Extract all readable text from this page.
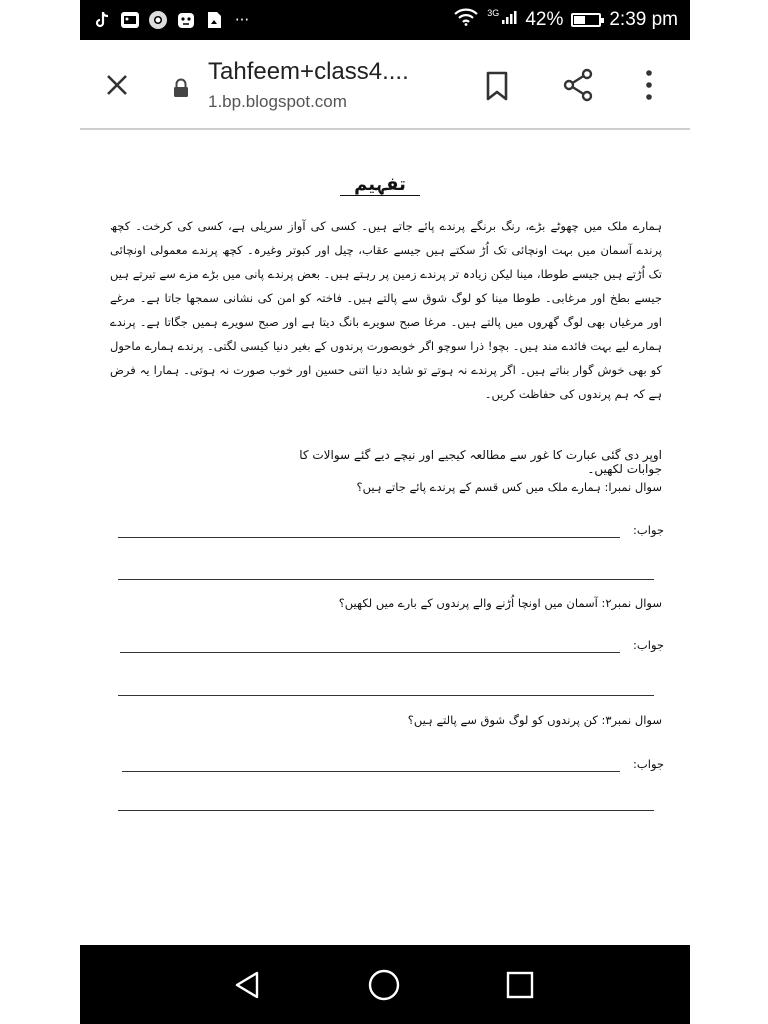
···	3G 42% 2:39 pm
Tahfeem+class4....
1.bp.blogspot.com
تفہیم
ہمارے ملک میں چھوٹے بڑے، رنگ برنگے پرندے پائے جاتے ہیں۔ کسی کی آواز سریلی ہے، کسی کی کرخت۔ کچھ پرندے آسمان میں بہت اونچائی تک اُڑ سکتے ہیں جیسے عقاب، چیل اور کبوتر وغیرہ۔ کچھ پرندے معمولی اونچائی تک اُڑتے ہیں جیسے طوطا، مینا لیکن زیادہ تر پرندے زمین پر رہتے ہیں۔ بعض پرندے پانی میں بڑے مزے سے تیرتے ہیں جیسے بطخ اور مرغابی۔ طوطا مینا کو لوگ شوق سے پالتے ہیں۔ فاختہ کو امن کی نشانی سمجھا جاتا ہے۔ مرغے اور مرغیاں بھی لوگ گھروں میں پالتے ہیں۔ مرغا صبح سویرے بانگ دیتا ہے اور صبح سویرے ہمیں جگاتا ہے۔ پرندے ہمارے لیے بہت فائدے مند ہیں۔ بچو! ذرا سوچو اگر خوبصورت پرندوں کے بغیر دنیا کیسی لگتی۔ پرندے ہمارے ماحول کو بھی خوش گوار بناتے ہیں۔ اگر پرندے نہ ہوتے تو شاید دنیا اتنی حسین اور خوب صورت نہ ہوتی۔ ہمارا یہ فرض ہے کہ ہم پرندوں کی حفاظت کریں۔
اوپر دی گئی عبارت کا غور سے مطالعہ کیجیے اور نیچے دیے گئے سوالات کا جوابات لکھیں۔
سوال نمبرا: ہمارے ملک میں کس قسم کے پرندے پائے جاتے ہیں؟
جواب:
سوال نمبر۲: آسمان میں اونچا اُڑنے والے پرندوں کے بارے میں لکھیں؟
جواب:
سوال نمبر۳: کن پرندوں کو لوگ شوق سے پالتے ہیں؟
جواب:
